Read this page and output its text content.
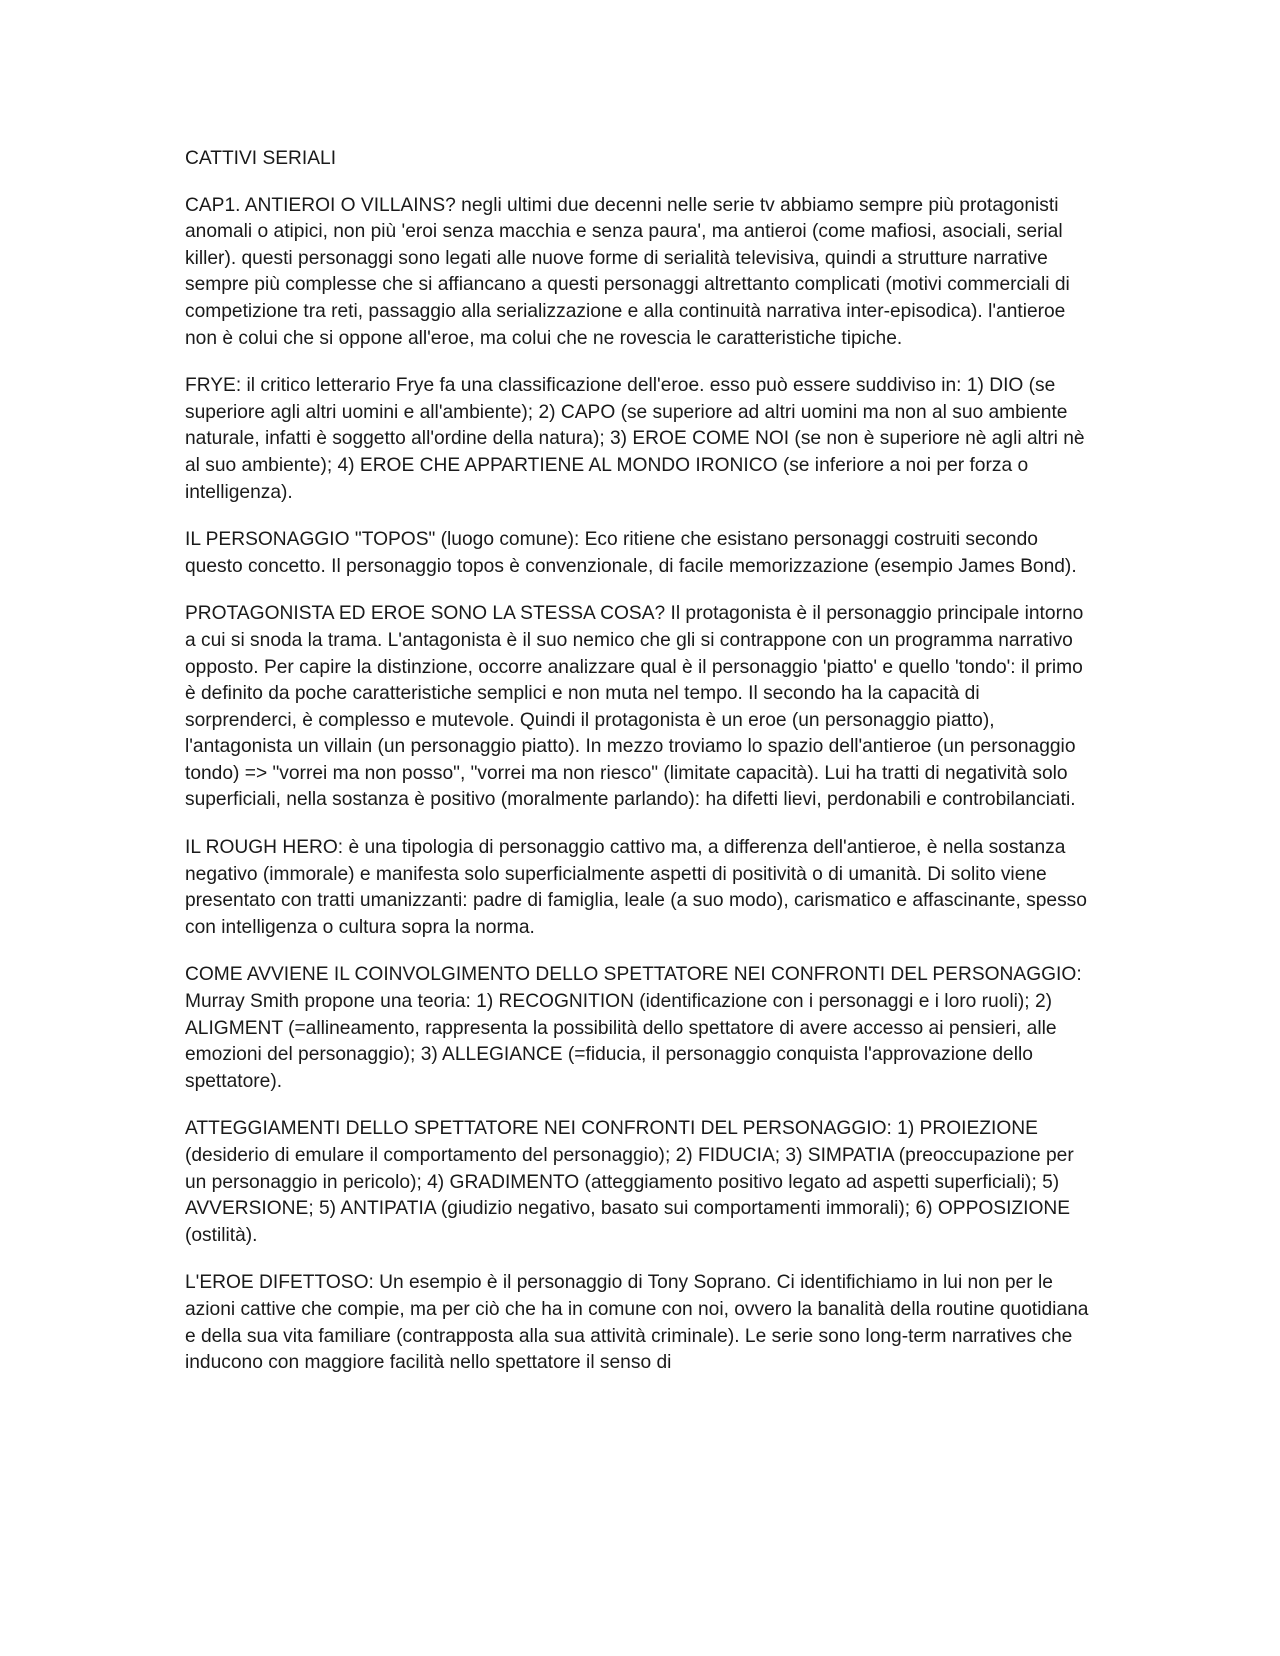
CATTIVI SERIALI

CAP1. ANTIEROI O VILLAINS? negli ultimi due decenni nelle serie tv abbiamo sempre più protagonisti anomali o atipici, non più 'eroi senza macchia e senza paura', ma antieroi (come mafiosi, asociali, serial killer). questi personaggi sono legati alle nuove forme di serialità televisiva, quindi a strutture narrative sempre più complesse che si affiancano a questi personaggi altrettanto complicati (motivi commerciali di competizione tra reti, passaggio alla serializzazione e alla continuità narrativa inter-episodica). l'antieroe non è colui che si oppone all'eroe, ma colui che ne rovescia le caratteristiche tipiche.

FRYE: il critico letterario Frye fa una classificazione dell'eroe. esso può essere suddiviso in: 1) DIO (se superiore agli altri uomini e all'ambiente); 2) CAPO (se superiore ad altri uomini ma non al suo ambiente naturale, infatti è soggetto all'ordine della natura); 3) EROE COME NOI (se non è superiore nè agli altri nè al suo ambiente); 4) EROE CHE APPARTIENE AL MONDO IRONICO (se inferiore a noi per forza o intelligenza).

IL PERSONAGGIO "TOPOS" (luogo comune): Eco ritiene che esistano personaggi costruiti secondo questo concetto. Il personaggio topos è convenzionale, di facile memorizzazione (esempio James Bond).

PROTAGONISTA ED EROE SONO LA STESSA COSA? Il protagonista è il personaggio principale intorno a cui si snoda la trama. L'antagonista è il suo nemico che gli si contrappone con un programma narrativo opposto. Per capire la distinzione, occorre analizzare qual è il personaggio 'piatto' e quello 'tondo': il primo è definito da poche caratteristiche semplici e non muta nel tempo. Il secondo ha la capacità di sorprenderci, è complesso e mutevole. Quindi il protagonista è un eroe (un personaggio piatto), l'antagonista un villain (un personaggio piatto). In mezzo troviamo lo spazio dell'antieroe (un personaggio tondo) => "vorrei ma non posso", "vorrei ma non riesco" (limitate capacità). Lui ha tratti di negatività solo superficiali, nella sostanza è positivo (moralmente parlando): ha difetti lievi, perdonabili e controbilanciati.

IL ROUGH HERO: è una tipologia di personaggio cattivo ma, a differenza dell'antieroe, è nella sostanza negativo (immorale) e manifesta solo superficialmente aspetti di positività o di umanità. Di solito viene presentato con tratti umanizzanti: padre di famiglia, leale (a suo modo), carismatico e affascinante, spesso con intelligenza o cultura sopra la norma.

COME AVVIENE IL COINVOLGIMENTO DELLO SPETTATORE NEI CONFRONTI DEL PERSONAGGIO: Murray Smith propone una teoria: 1) RECOGNITION (identificazione con i personaggi e i loro ruoli); 2) ALIGMENT (=allineamento, rappresenta la possibilità dello spettatore di avere accesso ai pensieri, alle emozioni del personaggio); 3) ALLEGIANCE (=fiducia, il personaggio conquista l'approvazione dello spettatore).

ATTEGGIAMENTI DELLO SPETTATORE NEI CONFRONTI DEL PERSONAGGIO: 1) PROIEZIONE (desiderio di emulare il comportamento del personaggio); 2) FIDUCIA; 3) SIMPATIA (preoccupazione per un personaggio in pericolo); 4) GRADIMENTO (atteggiamento positivo legato ad aspetti superficiali); 5) AVVERSIONE; 5) ANTIPATIA (giudizio negativo, basato sui comportamenti immorali); 6) OPPOSIZIONE (ostilità).

L'EROE DIFETTOSO: Un esempio è il personaggio di Tony Soprano. Ci identifichiamo in lui non per le azioni cattive che compie, ma per ciò che ha in comune con noi, ovvero la banalità della routine quotidiana e della sua vita familiare (contrapposta alla sua attività criminale). Le serie sono long-term narratives che inducono con maggiore facilità nello spettatore il senso di
